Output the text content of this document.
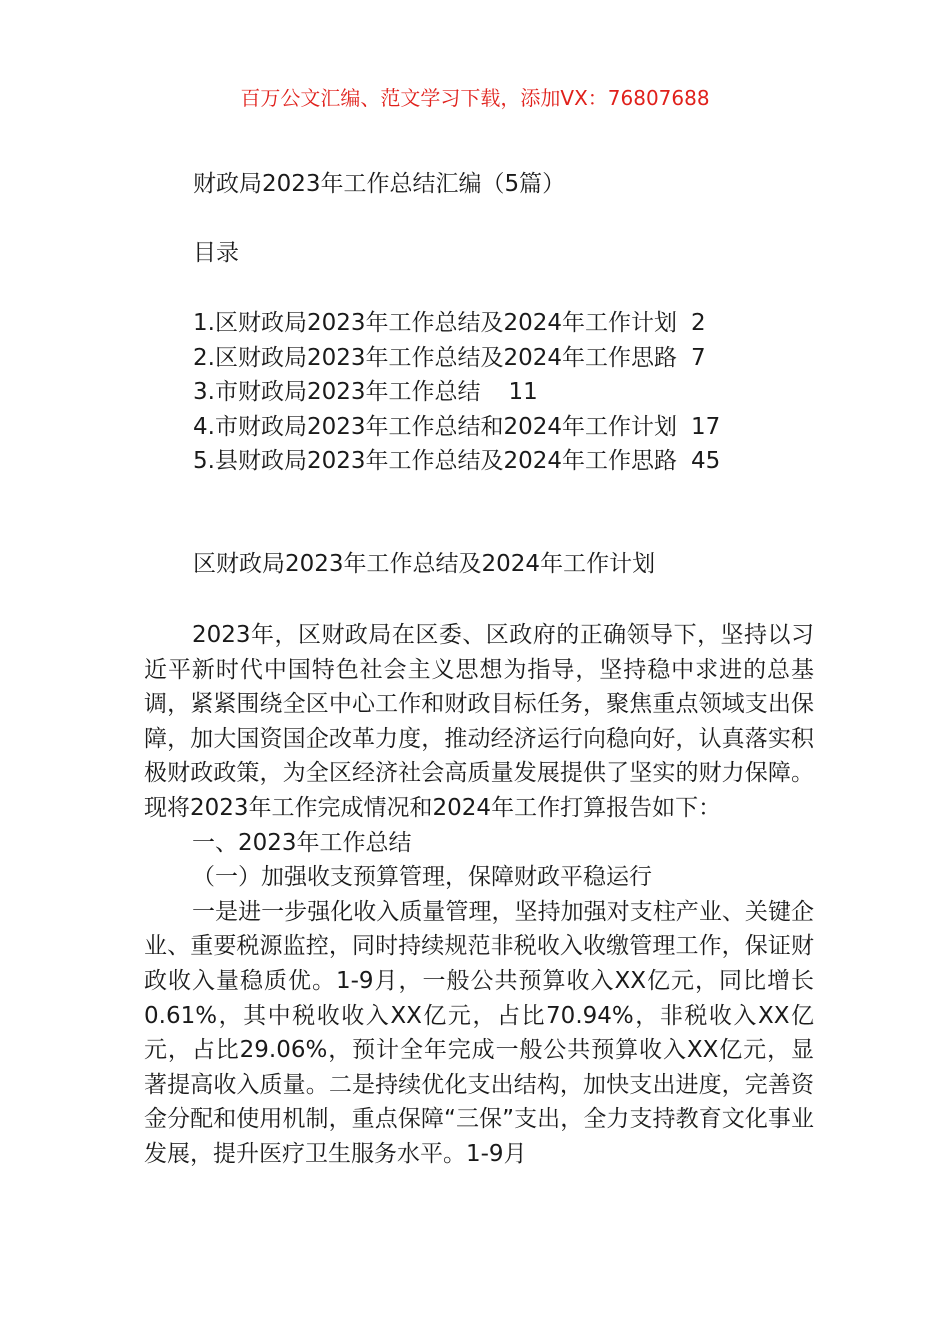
百万公文汇编、范文学习下载，添加VX：76807688
财政局2023年工作总结汇编（5篇）
目录
1.区财政局2023年工作总结及2024年工作计划 2
2.区财政局2023年工作总结及2024年工作思路 7
3.市财政局2023年工作总结 11
4.市财政局2023年工作总结和2024年工作计划 17
5.县财政局2023年工作总结及2024年工作思路 45
区财政局2023年工作总结及2024年工作计划

2023年，区财政局在区委、区政府的正确领导下，坚持以习近平新时代中国特色社会主义思想为指导，坚持稳中求进的总基调，紧紧围绕全区中心工作和财政目标任务，聚焦重点领域支出保障，加大国资国企改革力度，推动经济运行向稳向好，认真落实积极财政政策，为全区经济社会高质量发展提供了坚实的财力保障。现将2023年工作完成情况和2024年工作打算报告如下：

一、2023年工作总结

（一）加强收支预算管理，保障财政平稳运行

一是进一步强化收入质量管理，坚持加强对支柱产业、关键企业、重要税源监控，同时持续规范非税收入收缴管理工作，保证财政收入量稳质优。1-9月，一般公共预算收入XX亿元，同比增长0.61%，其中税收收入XX亿元，占比70.94%，非税收入XX亿元，占比29.06%，预计全年完成一般公共预算收入XX亿元，显著提高收入质量。二是持续优化支出结构，加快支出进度，完善资金分配和使用机制，重点保障“三保”支出，全力支持教育文化事业发展，提升医疗卫生服务水平。1-9月
